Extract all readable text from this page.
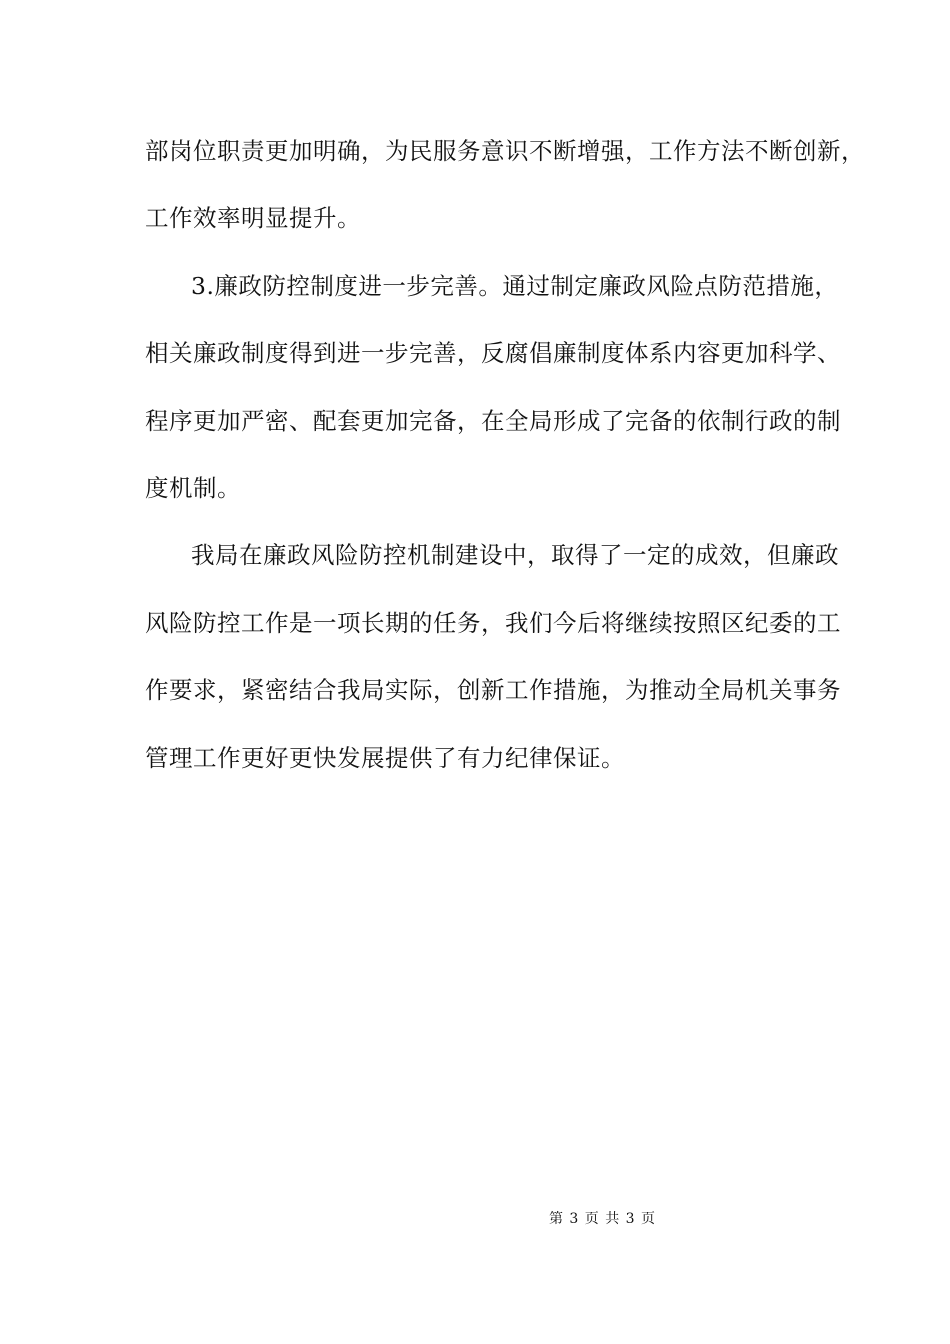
部岗位职责更加明确，为民服务意识不断增强，工作方法不断创新，
工作效率明显提升。
3.廉政防控制度进一步完善。通过制定廉政风险点防范措施，
相关廉政制度得到进一步完善，反腐倡廉制度体系内容更加科学、
程序更加严密、配套更加完备，在全局形成了完备的依制行政的制
度机制。
我局在廉政风险防控机制建设中，取得了一定的成效，但廉政
风险防控工作是一项长期的任务，我们今后将继续按照区纪委的工
作要求，紧密结合我局实际，创新工作措施，为推动全局机关事务
管理工作更好更快发展提供了有力纪律保证。
第 3 页 共 3 页
